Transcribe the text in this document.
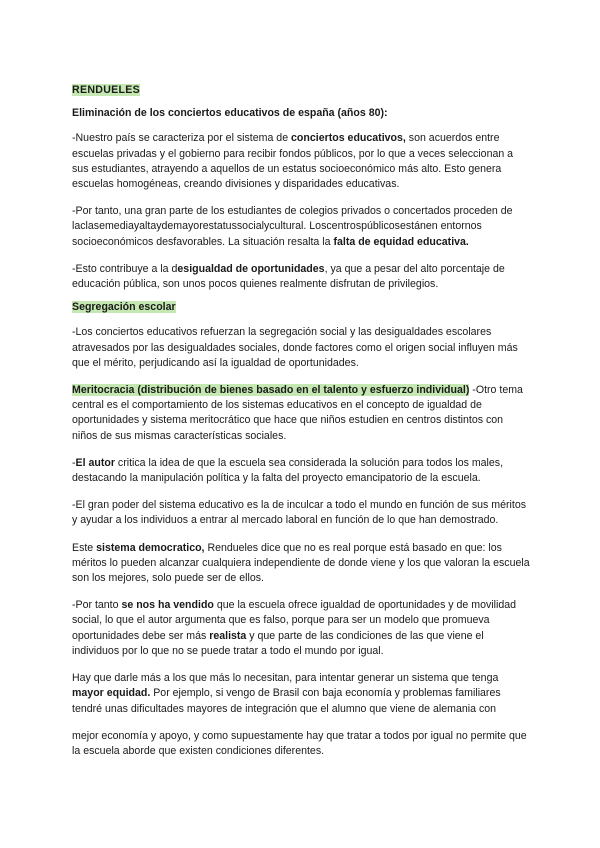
RENDUELES

Eliminación de los conciertos educativos de españa (años 80):

-Nuestro país se caracteriza por el sistema de conciertos educativos, son acuerdos entre escuelas privadas y el gobierno para recibir fondos públicos, por lo que a veces seleccionan a sus estudiantes, atrayendo a aquellos de un estatus socioeconómico más alto. Esto genera escuelas homogéneas, creando divisiones y disparidades educativas.

-Por tanto, una gran parte de los estudiantes de colegios privados o concertados proceden de laclasemediayaltaydemayorestatussocialycultural. Loscentrospúblicosestánen entornos socioeconómicos desfavorables. La situación resalta la falta de equidad educativa.

-Esto contribuye a la desigualdad de oportunidades, ya que a pesar del alto porcentaje de educación pública, son unos pocos quienes realmente disfrutan de privilegios.

Segregación escolar

-Los conciertos educativos refuerzan la segregación social y las desigualdades escolares atravesados por las desigualdades sociales, donde factores como el origen social influyen más que el mérito, perjudicando así la igualdad de oportunidades.

Meritocracia (distribución de bienes basado en el talento y esfuerzo individual) -Otro tema central es el comportamiento de los sistemas educativos en el concepto de igualdad de oportunidades y sistema meritocrático que hace que niños estudien en centros distintos con niños de sus mismas características sociales.

-El autor critica la idea de que la escuela sea considerada la solución para todos los males, destacando la manipulación política y la falta del proyecto emancipatorio de la escuela.

-El gran poder del sistema educativo es la de inculcar a todo el mundo en función de sus méritos y ayudar a los individuos a entrar al mercado laboral en función de lo que han demostrado.

Este sistema democratico, Rendueles dice que no es real porque está basado en que: los méritos lo pueden alcanzar cualquiera independiente de donde viene y los que valoran la escuela son los mejores, solo puede ser de ellos.

-Por tanto se nos ha vendido que la escuela ofrece igualdad de oportunidades y de movilidad social, lo que el autor argumenta que es falso, porque para ser un modelo que promueva oportunidades debe ser más realista y que parte de las condiciones de las que viene el individuos por lo que no se puede tratar a todo el mundo por igual.

Hay que darle más a los que más lo necesitan, para intentar generar un sistema que tenga mayor equidad. Por ejemplo, si vengo de Brasil con baja economía y problemas familiares tendré unas dificultades mayores de integración que el alumno que viene de alemania con

mejor economía y apoyo, y como supuestamente hay que tratar a todos por igual no permite que la escuela aborde que existen condiciones diferentes.
